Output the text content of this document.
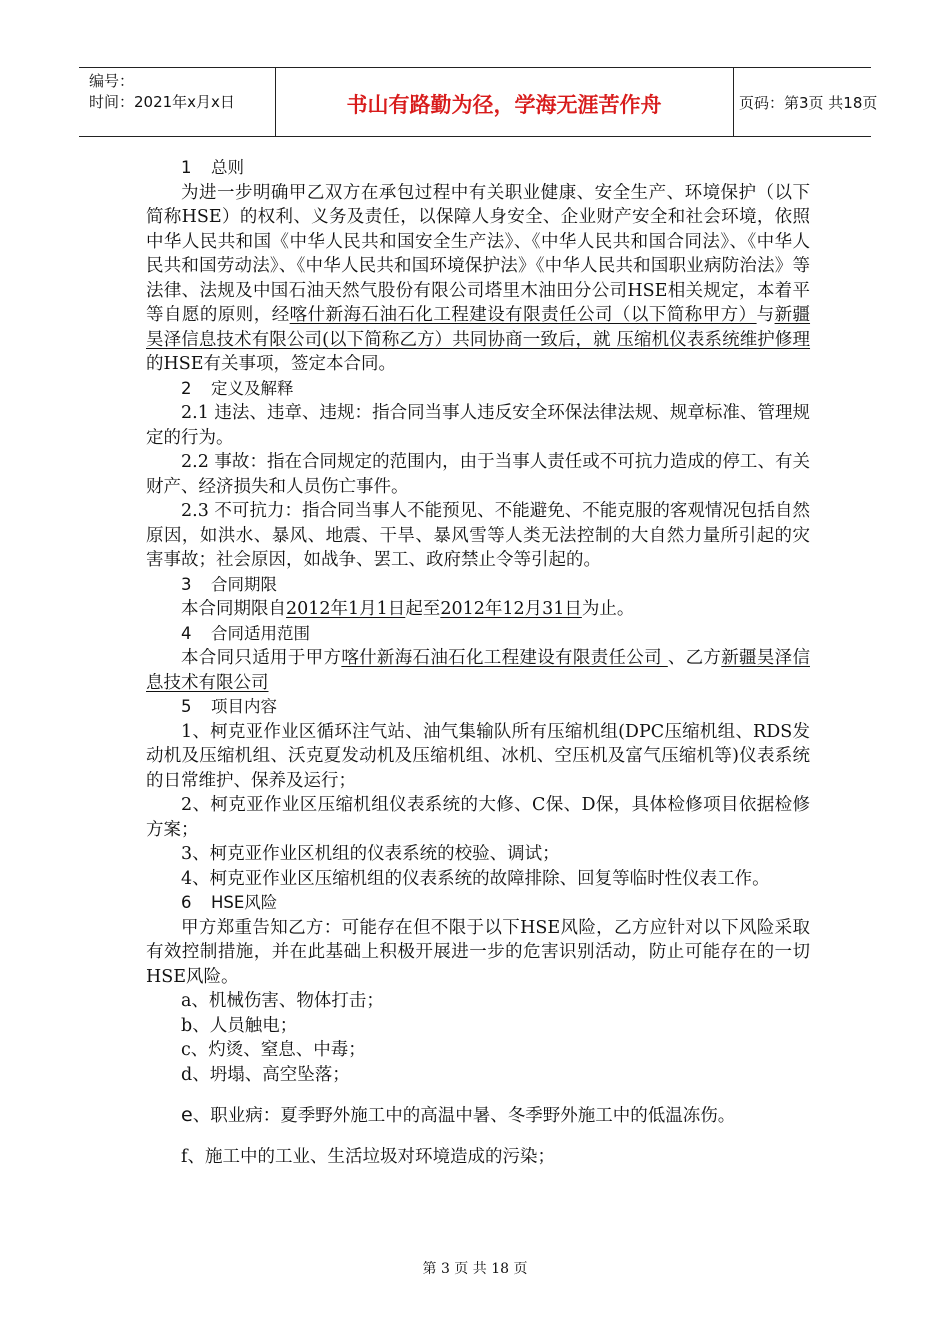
编号：
时间：2021年x月x日	书山有路勤为径，学海无涯苦作舟	页码：第3页 共18页
1 总则

为进一步明确甲乙双方在承包过程中有关职业健康、安全生产、环境保护（以下简称HSE）的权利、义务及责任，以保障人身安全、企业财产安全和社会环境，依照中华人民共和国《中华人民共和国安全生产法》、《中华人民共和国合同法》、《中华人民共和国劳动法》、《中华人民共和国环境保护法》《中华人民共和国职业病防治法》等法律、法规及中国石油天然气股份有限公司塔里木油田分公司HSE相关规定，本着平等自愿的原则，经喀什新海石油石化工程建设有限责任公司（以下简称甲方）与新疆昊泽信息技术有限公司(以下简称乙方）共同协商一致后，就 压缩机仪表系统维护修理的HSE有关事项，签定本合同。

2 定义及解释

2.1 违法、违章、违规：指合同当事人违反安全环保法律法规、规章标准、管理规定的行为。

2.2 事故：指在合同规定的范围内，由于当事人责任或不可抗力造成的停工、有关财产、经济损失和人员伤亡事件。

2.3 不可抗力：指合同当事人不能预见、不能避免、不能克服的客观情况包括自然原因，如洪水、暴风、地震、干旱、暴风雪等人类无法控制的大自然力量所引起的灾害事故；社会原因，如战争、罢工、政府禁止令等引起的。

3 合同期限

本合同期限自2012年1月1日起至2012年12月31日为止。

4 合同适用范围

本合同只适用于甲方喀什新海石油石化工程建设有限责任公司 、乙方新疆昊泽信息技术有限公司

5 项目内容

1、柯克亚作业区循环注气站、油气集输队所有压缩机组(DPC压缩机组、RDS发动机及压缩机组、沃克夏发动机及压缩机组、冰机、空压机及富气压缩机等)仪表系统的日常维护、保养及运行；

2、柯克亚作业区压缩机组仪表系统的大修、C保、D保，具体检修项目依据检修方案；

3、柯克亚作业区机组的仪表系统的校验、调试；

4、柯克亚作业区压缩机组的仪表系统的故障排除、回复等临时性仪表工作。

6 HSE风险

甲方郑重告知乙方：可能存在但不限于以下HSE风险，乙方应针对以下风险采取有效控制措施，并在此基础上积极开展进一步的危害识别活动，防止可能存在的一切HSE风险。

a、机械伤害、物体打击；

b、人员触电；

c、灼烫、窒息、中毒；

d、坍塌、高空坠落；

e、职业病：夏季野外施工中的高温中暑、冬季野外施工中的低温冻伤。

f、施工中的工业、生活垃圾对环境造成的污染；

第 3 页 共 18 页
